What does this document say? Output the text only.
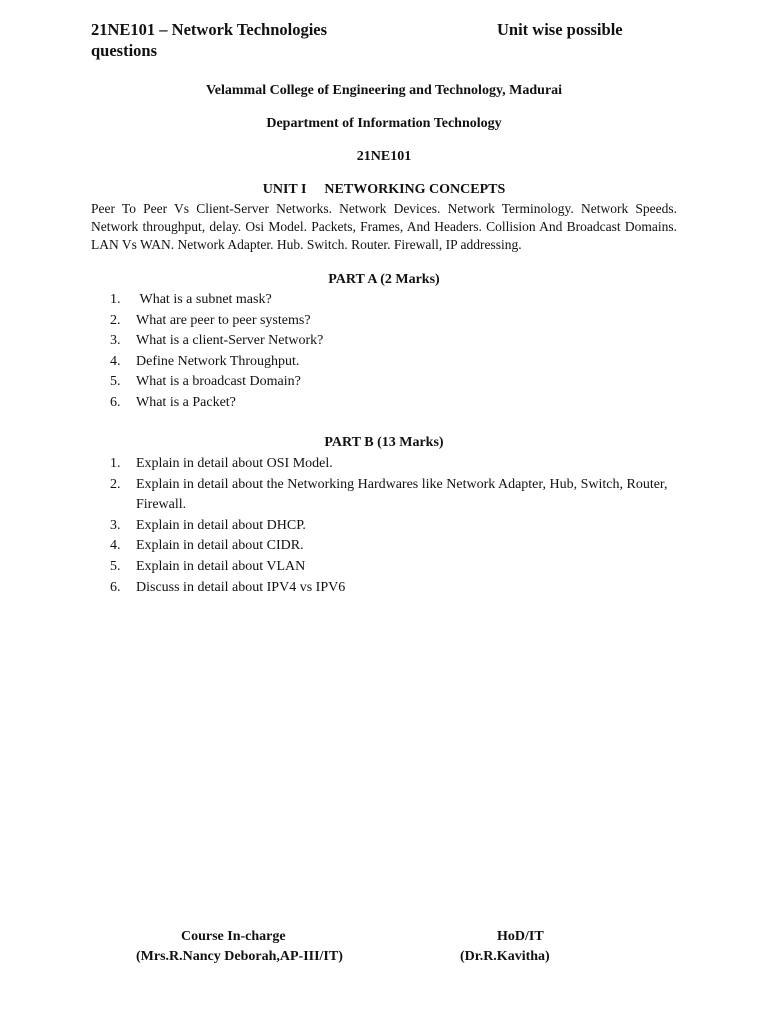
21NE101 – Network Technologies	Unit wise possible
questions
Velammal College of Engineering and Technology, Madurai
Department of Information Technology
21NE101
UNIT I NETWORKING CONCEPTS
Peer To Peer Vs Client-Server Networks. Network Devices. Network Terminology. Network Speeds. Network throughput, delay. Osi Model. Packets, Frames, And Headers. Collision And Broadcast Domains. LAN Vs WAN. Network Adapter. Hub. Switch. Router. Firewall, IP addressing.
PART A (2 Marks)
1. What is a subnet mask?
2. What are peer to peer systems?
3. What is a client-Server Network?
4. Define Network Throughput.
5. What is a broadcast Domain?
6. What is a Packet?
PART B (13 Marks)
1. Explain in detail about OSI Model.
2. Explain in detail about the Networking Hardwares like Network Adapter, Hub, Switch, Router, Firewall.
3. Explain in detail about DHCP.
4. Explain in detail about CIDR.
5. Explain in detail about VLAN
6. Discuss in detail about IPV4 vs IPV6
Course In-charge
(Mrs.R.Nancy Deborah,AP-III/IT)
HoD/IT
(Dr.R.Kavitha)
